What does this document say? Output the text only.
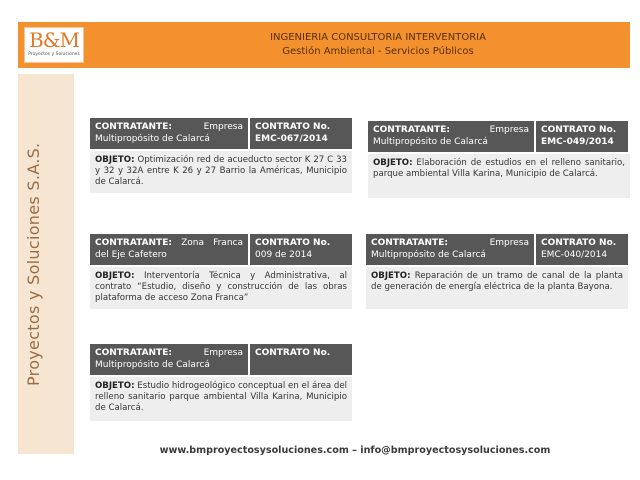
B&M
Proyectos y Soluciones
INGENIERIA CONSULTORIA INTERVENTORIA
Gestión Ambiental - Servicios Públicos
Proyectos y Soluciones S.A.S.
CONTRATANTE:	Empresa Multipropósito de Calarcá
CONTRATO No.
EMC-067/2014
OBJETO: Optimización red de acueducto sector K 27 C 33 y 32 y 32A entre K 26 y 27 Barrio la Américas, Municipio de Calarcá.
CONTRATANTE:	Empresa Multipropósito de Calarcá
CONTRATO No.
EMC-049/2014
OBJETO: Elaboración de estudios en el relleno sanitario, parque ambiental Villa Karina, Municipio de Calarcá.
CONTRATANTE: Zona Franca del Eje Cafetero
CONTRATO No.
009 de 2014
OBJETO: Interventoría Técnica y Administrativa, al contrato “Estudio, diseño y construcción de las obras plataforma de acceso Zona Franca”
CONTRATANTE:	Empresa Multipropósito de Calarcá
CONTRATO No.
EMC-040/2014
OBJETO: Reparación de un tramo de canal de la planta de generación de energía eléctrica de la planta Bayona.
CONTRATANTE:	Empresa Multipropósito de Calarcá
CONTRATO No.

OBJETO: Estudio hidrogeológico conceptual en el área del relleno sanitario parque ambiental Villa Karina, Municipio de Calarcá.
www.bmproyectosysoluciones.com – info@bmproyectosysoluciones.com
